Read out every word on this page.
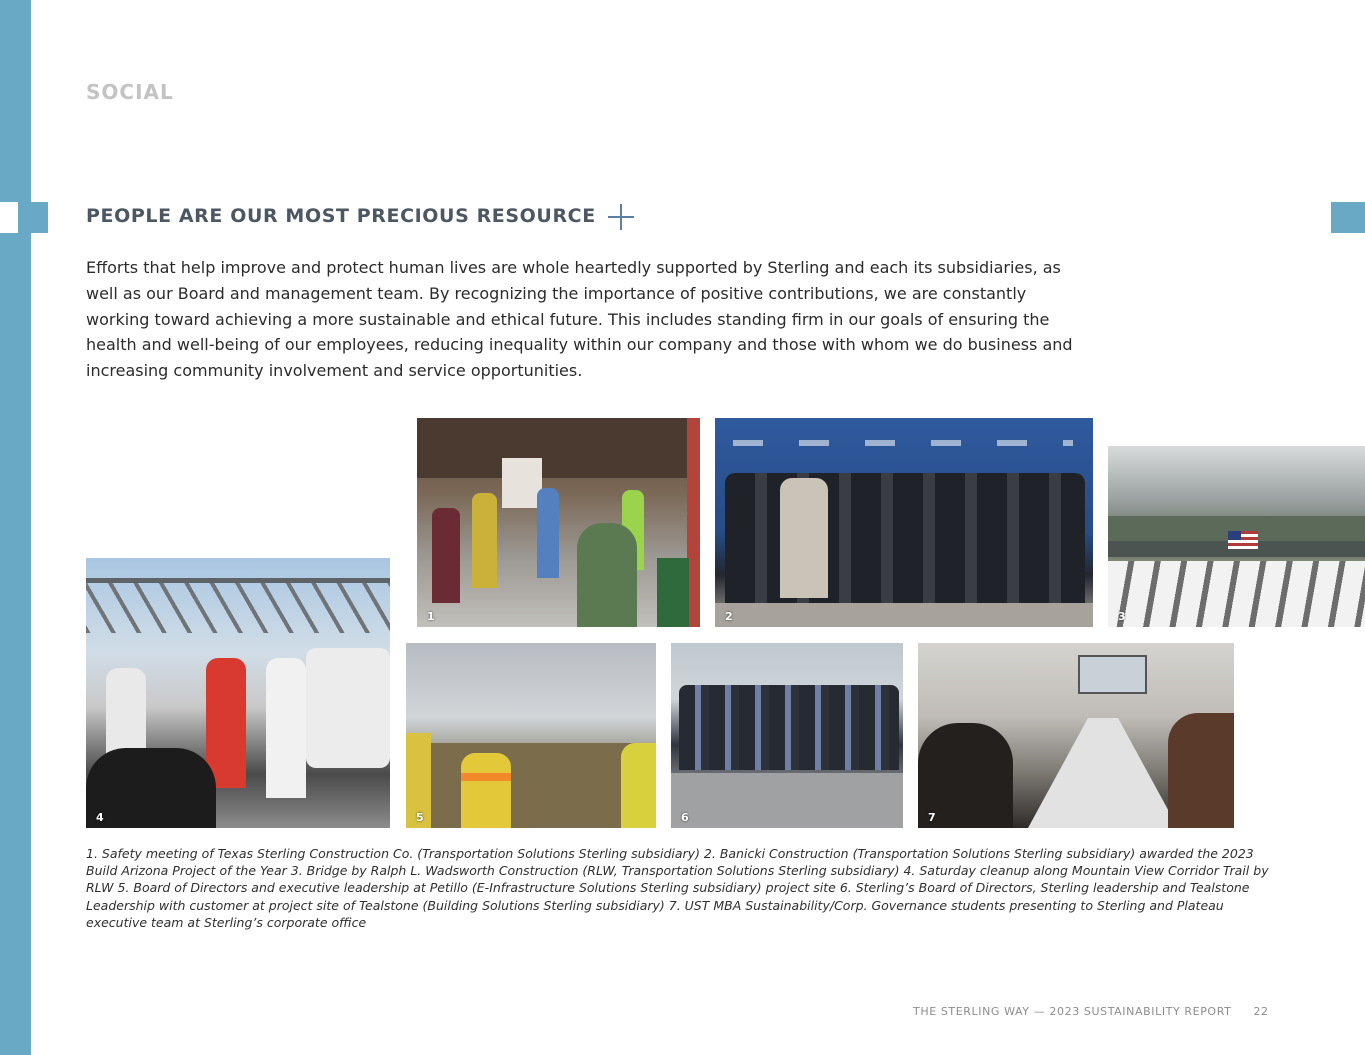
SOCIAL
PEOPLE ARE OUR MOST PRECIOUS RESOURCE

Efforts that help improve and protect human lives are whole heartedly supported by Sterling and each its subsidiaries, as well as our Board and management team. By recognizing the importance of positive contributions, we are constantly working toward achieving a more sustainable and ethical future. This includes standing firm in our goals of ensuring the health and well-being of our employees, reducing inequality within our company and those with whom we do business and increasing community involvement and service opportunities.

1	2	3
4	5	6	7

1. Safety meeting of Texas Sterling Construction Co. (Transportation Solutions Sterling subsidiary) 2. Banicki Construction (Transportation Solutions Sterling subsidiary) awarded the 2023 Build Arizona Project of the Year 3. Bridge by Ralph L. Wadsworth Construction (RLW, Transportation Solutions Sterling subsidiary) 4. Saturday cleanup along Mountain View Corridor Trail by RLW 5. Board of Directors and executive leadership at Petillo (E-Infrastructure Solutions Sterling subsidiary) project site 6. Sterling’s Board of Directors, Sterling leadership and Tealstone Leadership with customer at project site of Tealstone (Building Solutions Sterling subsidiary) 7. UST MBA Sustainability/Corp. Governance students presenting to Sterling and Plateau executive team at Sterling’s corporate office

THE STERLING WAY — 2023 SUSTAINABILITY REPORT 22
